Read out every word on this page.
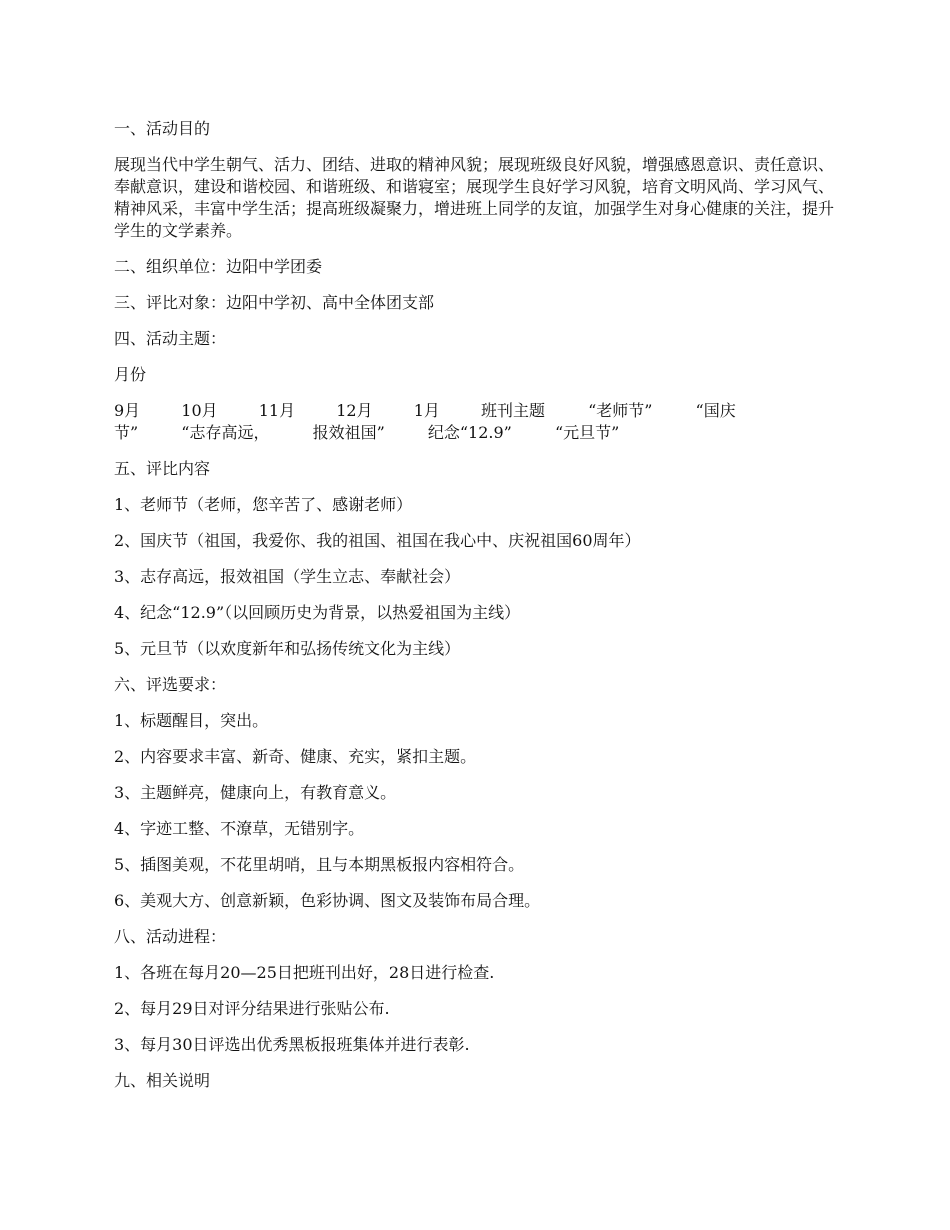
一、活动目的

展现当代中学生朝气、活力、团结、进取的精神风貌；展现班级良好风貌，增强感恩意识、责任意识、奉献意识，建设和谐校园、和谐班级、和谐寝室；展现学生良好学习风貌，培育文明风尚、学习风气、精神风采，丰富中学生活；提高班级凝聚力，增进班上同学的友谊，加强学生对身心健康的关注，提升学生的文学素养。

二、组织单位：边阳中学团委

三、评比对象：边阳中学初、高中全体团支部

四、活动主题：

月份

9月	10月	11月	12月	1月	班刊主题	“老师节”	“国庆节”	“志存高远，	报效祖国”	纪念“12.9”	“元旦节”

五、评比内容

1、老师节（老师，您辛苦了、感谢老师）

2、国庆节（祖国，我爱你、我的祖国、祖国在我心中、庆祝祖国60周年）

3、志存高远，报效祖国（学生立志、奉献社会）

4、纪念“12.9”（以回顾历史为背景，以热爱祖国为主线）

5、元旦节（以欢度新年和弘扬传统文化为主线）

六、评选要求：

1、标题醒目，突出。

2、内容要求丰富、新奇、健康、充实，紧扣主题。

3、主题鲜亮，健康向上，有教育意义。

4、字迹工整、不潦草，无错别字。

5、插图美观，不花里胡哨，且与本期黑板报内容相符合。

6、美观大方、创意新颖，色彩协调、图文及装饰布局合理。

八、活动进程：

1、各班在每月20—25日把班刊出好，28日进行检查.

2、每月29日对评分结果进行张贴公布.

3、每月30日评选出优秀黑板报班集体并进行表彰.

九、相关说明
